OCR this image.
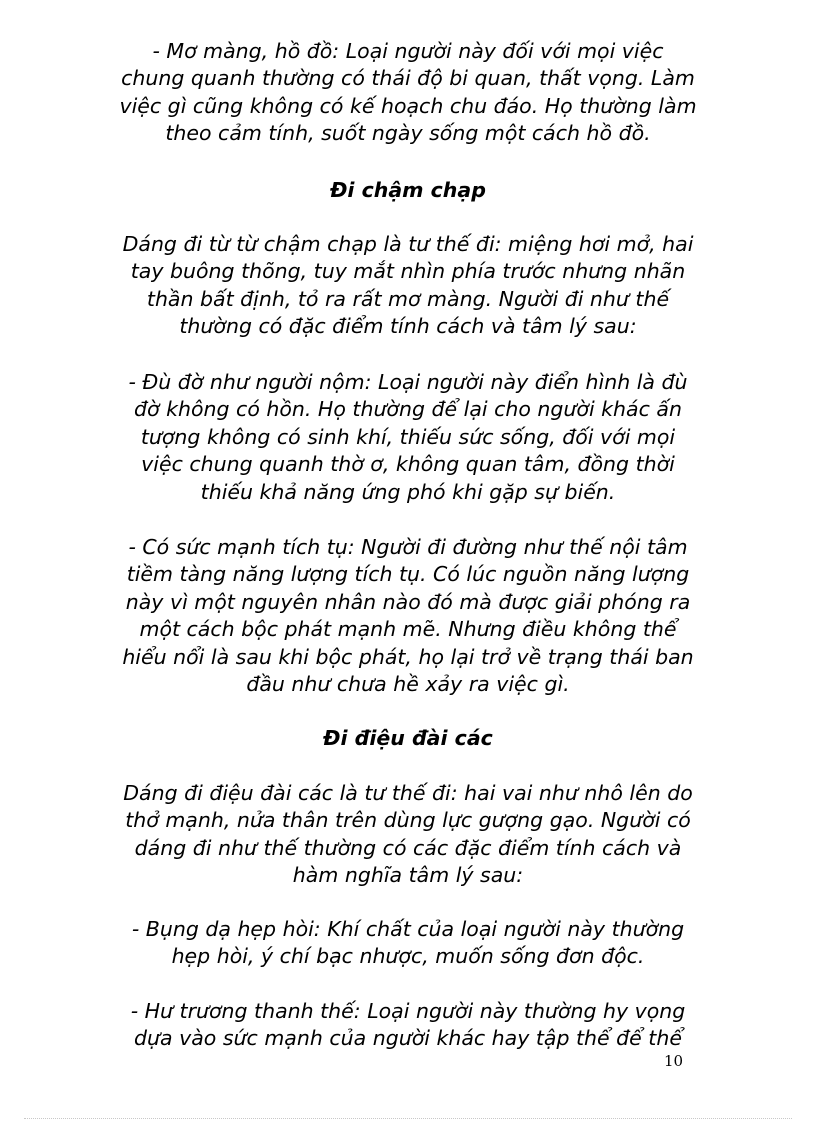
- Mơ màng, hồ đồ: Loại người này đối với mọi việc chung quanh thường có thái độ bi quan, thất vọng. Làm việc gì cũng không có kế hoạch chu đáo. Họ thường làm theo cảm tính, suốt ngày sống một cách hồ đồ.

Đi chậm chạp

Dáng đi từ từ chậm chạp là tư thế đi: miệng hơi mở, hai tay buông thõng, tuy mắt nhìn phía trước nhưng nhãn thần bất định, tỏ ra rất mơ màng. Người đi như thế thường có đặc điểm tính cách và tâm lý sau:

- Đù đờ như người nộm: Loại người này điển hình là đù đờ không có hồn. Họ thường để lại cho người khác ấn tượng không có sinh khí, thiếu sức sống, đối với mọi việc chung quanh thờ ơ, không quan tâm, đồng thời thiếu khả năng ứng phó khi gặp sự biến.

- Có sức mạnh tích tụ: Người đi đường như thế nội tâm tiềm tàng năng lượng tích tụ. Có lúc nguồn năng lượng này vì một nguyên nhân nào đó mà được giải phóng ra một cách bộc phát mạnh mẽ. Nhưng điều không thể hiểu nổi là sau khi bộc phát, họ lại trở về trạng thái ban đầu như chưa hề xảy ra việc gì.

Đi điệu đài các

Dáng đi điệu đài các là tư thế đi: hai vai như nhô lên do thở mạnh, nửa thân trên dùng lực gượng gạo. Người có dáng đi như thế thường có các đặc điểm tính cách và hàm nghĩa tâm lý sau:

- Bụng dạ hẹp hòi: Khí chất của loại người này thường hẹp hòi, ý chí bạc nhược, muốn sống đơn độc.

- Hư trương thanh thế: Loại người này thường hy vọng dựa vào sức mạnh của người khác hay tập thể để thể

10
